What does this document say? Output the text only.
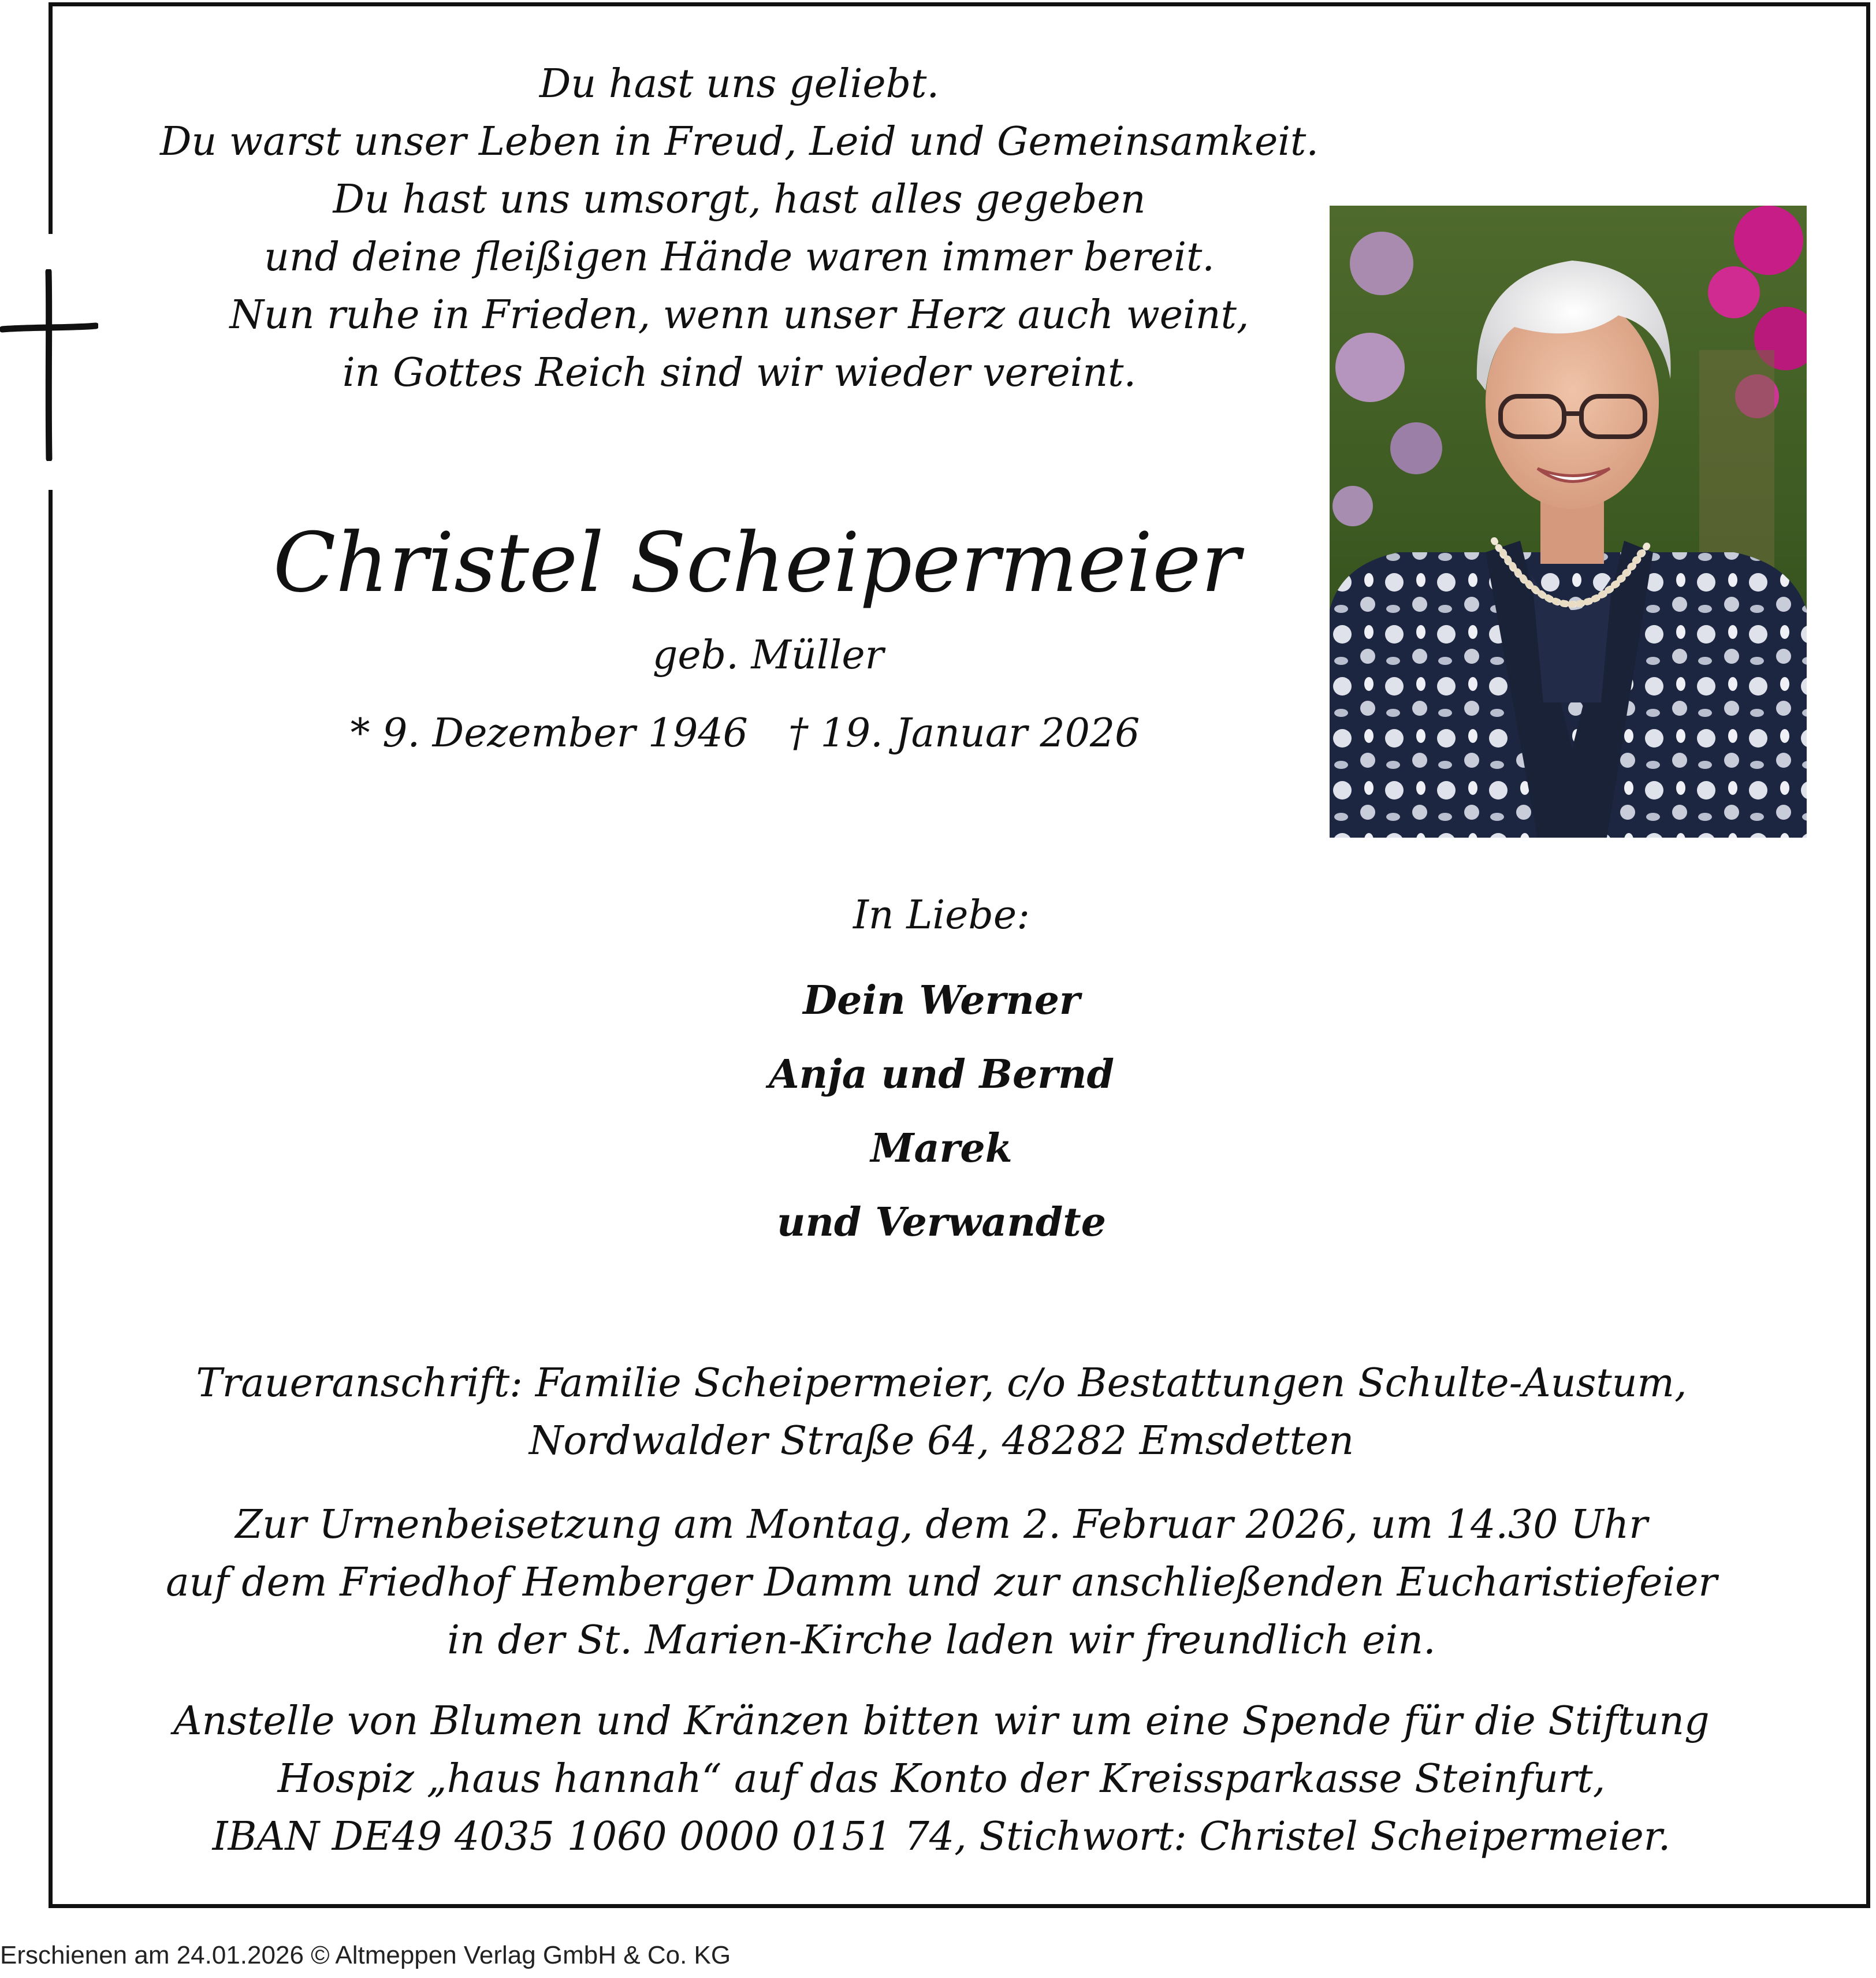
Du hast uns geliebt.
Du warst unser Leben in Freud, Leid und Gemeinsamkeit.
Du hast uns umsorgt, hast alles gegeben
und deine fleißigen Hände waren immer bereit.
Nun ruhe in Frieden, wenn unser Herz auch weint,
in Gottes Reich sind wir wieder vereint.
Christel Scheipermeier
geb. Müller
* 9. Dezember 1946 † 19. Januar 2026
In Liebe:
Dein Werner
Anja und Bernd
Marek
und Verwandte
Traueranschrift: Familie Scheipermeier, c/o Bestattungen Schulte-Austum,
Nordwalder Straße 64, 48282 Emsdetten
Zur Urnenbeisetzung am Montag, dem 2. Februar 2026, um 14.30 Uhr
auf dem Friedhof Hemberger Damm und zur anschließenden Eucharistiefeier
in der St. Marien-Kirche laden wir freundlich ein.
Anstelle von Blumen und Kränzen bitten wir um eine Spende für die Stiftung
Hospiz „haus hannah“ auf das Konto der Kreissparkasse Steinfurt,
IBAN DE49 4035 1060 0000 0151 74, Stichwort: Christel Scheipermeier.
Erschienen am 24.01.2026 © Altmeppen Verlag GmbH & Co. KG
